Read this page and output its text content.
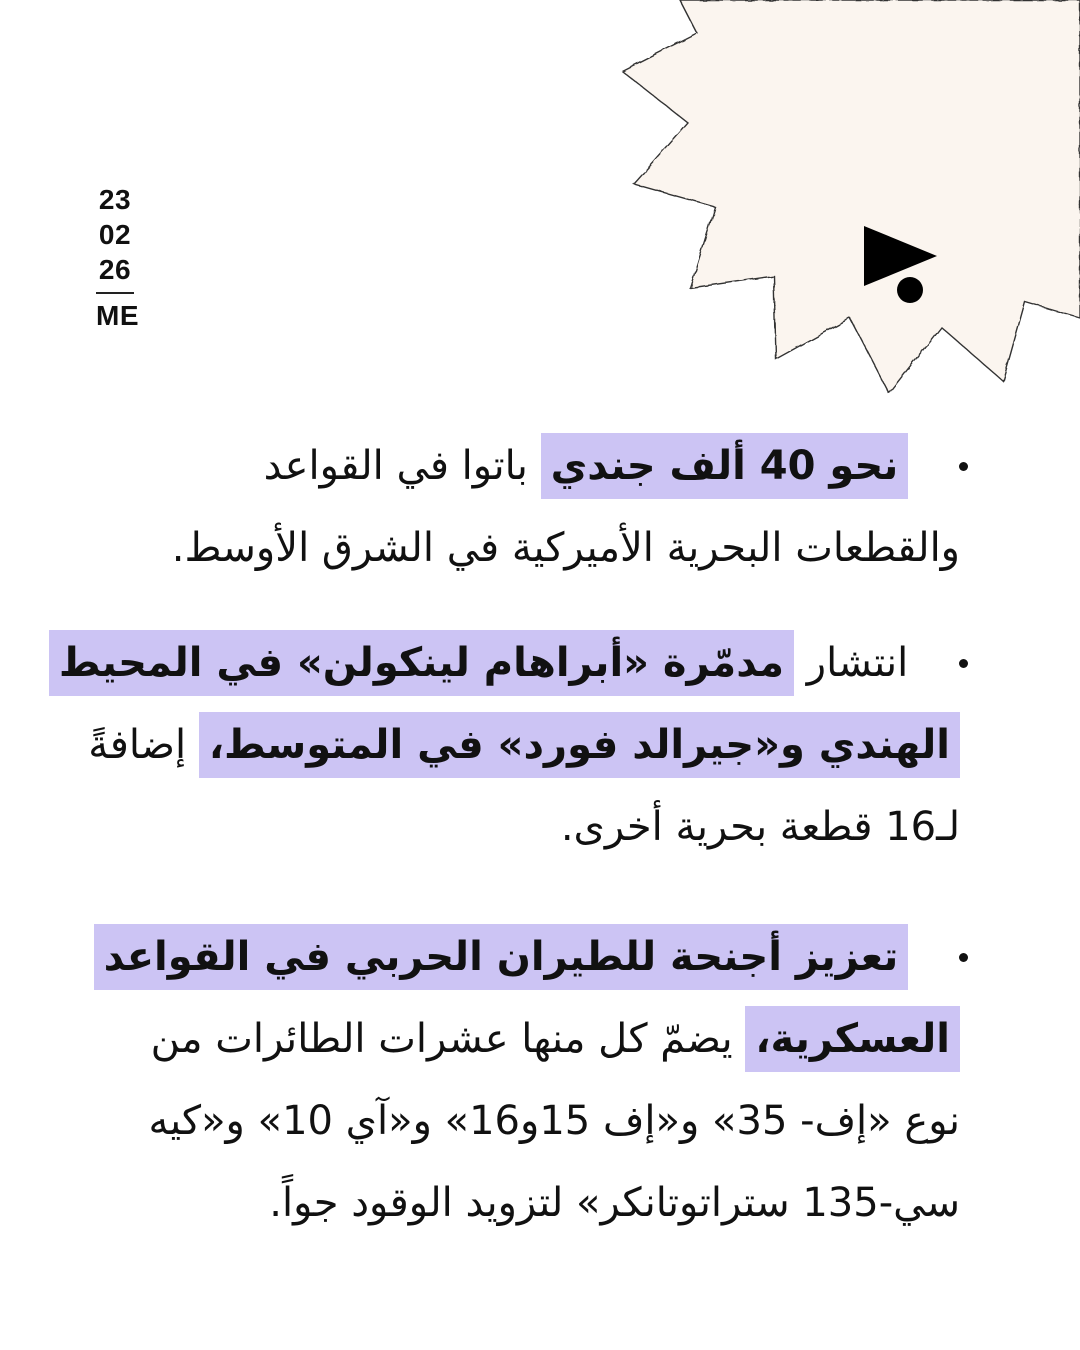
23
02
26
ME
نحو 40 ألف جندي باتوا في القواعد
والقطعات البحرية الأميركية في الشرق الأوسط.
انتشار مدمّرة «أبراهام لينكولن» في المحيط
الهندي و«جيرالد فورد» في المتوسط، إضافةً
لـ16 قطعة بحرية أخرى.
تعزيز أجنحة للطيران الحربي في القواعد
العسكرية، يضمّ كل منها عشرات الطائرات من
نوع «إف- 35» و«إف 15و16» و«آي 10» و«كيه
سي-135 ستراتوتانكر» لتزويد الوقود جواً.
